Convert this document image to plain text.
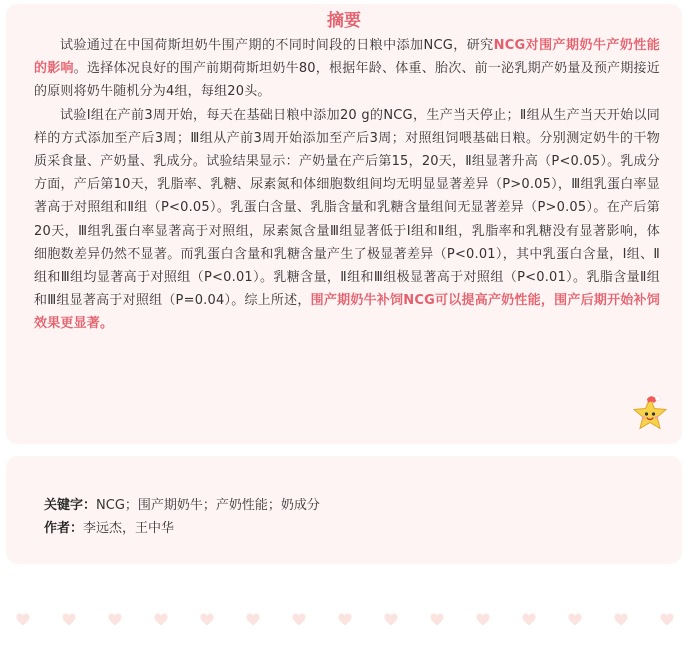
摘要

试验通过在中国荷斯坦奶牛围产期的不同时间段的日粮中添加NCG，研究NCG对围产期奶牛产奶性能的影响。选择体况良好的围产前期荷斯坦奶牛80，根据年龄、体重、胎次、前一泌乳期产奶量及预产期接近的原则将奶牛随机分为4组，每组20头。

试验Ⅰ组在产前3周开始，每天在基础日粮中添加20 g的NCG，生产当天停止；Ⅱ组从生产当天开始以同样的方式添加至产后3周；Ⅲ组从产前3周开始添加至产后3周；对照组饲喂基础日粮。分别测定奶牛的干物质采食量、产奶量、乳成分。试验结果显示：产奶量在产后第15，20天，Ⅱ组显著升高（P<0.05）。乳成分方面，产后第10天，乳脂率、乳糖、尿素氮和体细胞数组间均无明显显著差异（P>0.05），Ⅲ组乳蛋白率显著高于对照组和Ⅱ组（P<0.05）。乳蛋白含量、乳脂含量和乳糖含量组间无显著差异（P>0.05）。在产后第20天，Ⅲ组乳蛋白率显著高于对照组，尿素氮含量Ⅲ组显著低于Ⅰ组和Ⅱ组，乳脂率和乳糖没有显著影响，体细胞数差异仍然不显著。而乳蛋白含量和乳糖含量产生了极显著差异（P<0.01），其中乳蛋白含量，Ⅰ组、Ⅱ组和Ⅲ组均显著高于对照组（P<0.01）。乳糖含量，Ⅱ组和Ⅲ组极显著高于对照组（P<0.01）。乳脂含量Ⅱ组和Ⅲ组显著高于对照组（P=0.04）。综上所述，围产期奶牛补饲NCG可以提高产奶性能，围产后期开始补饲效果更显著。

关键字：NCG；围产期奶牛；产奶性能；奶成分
作者：李远杰，王中华
